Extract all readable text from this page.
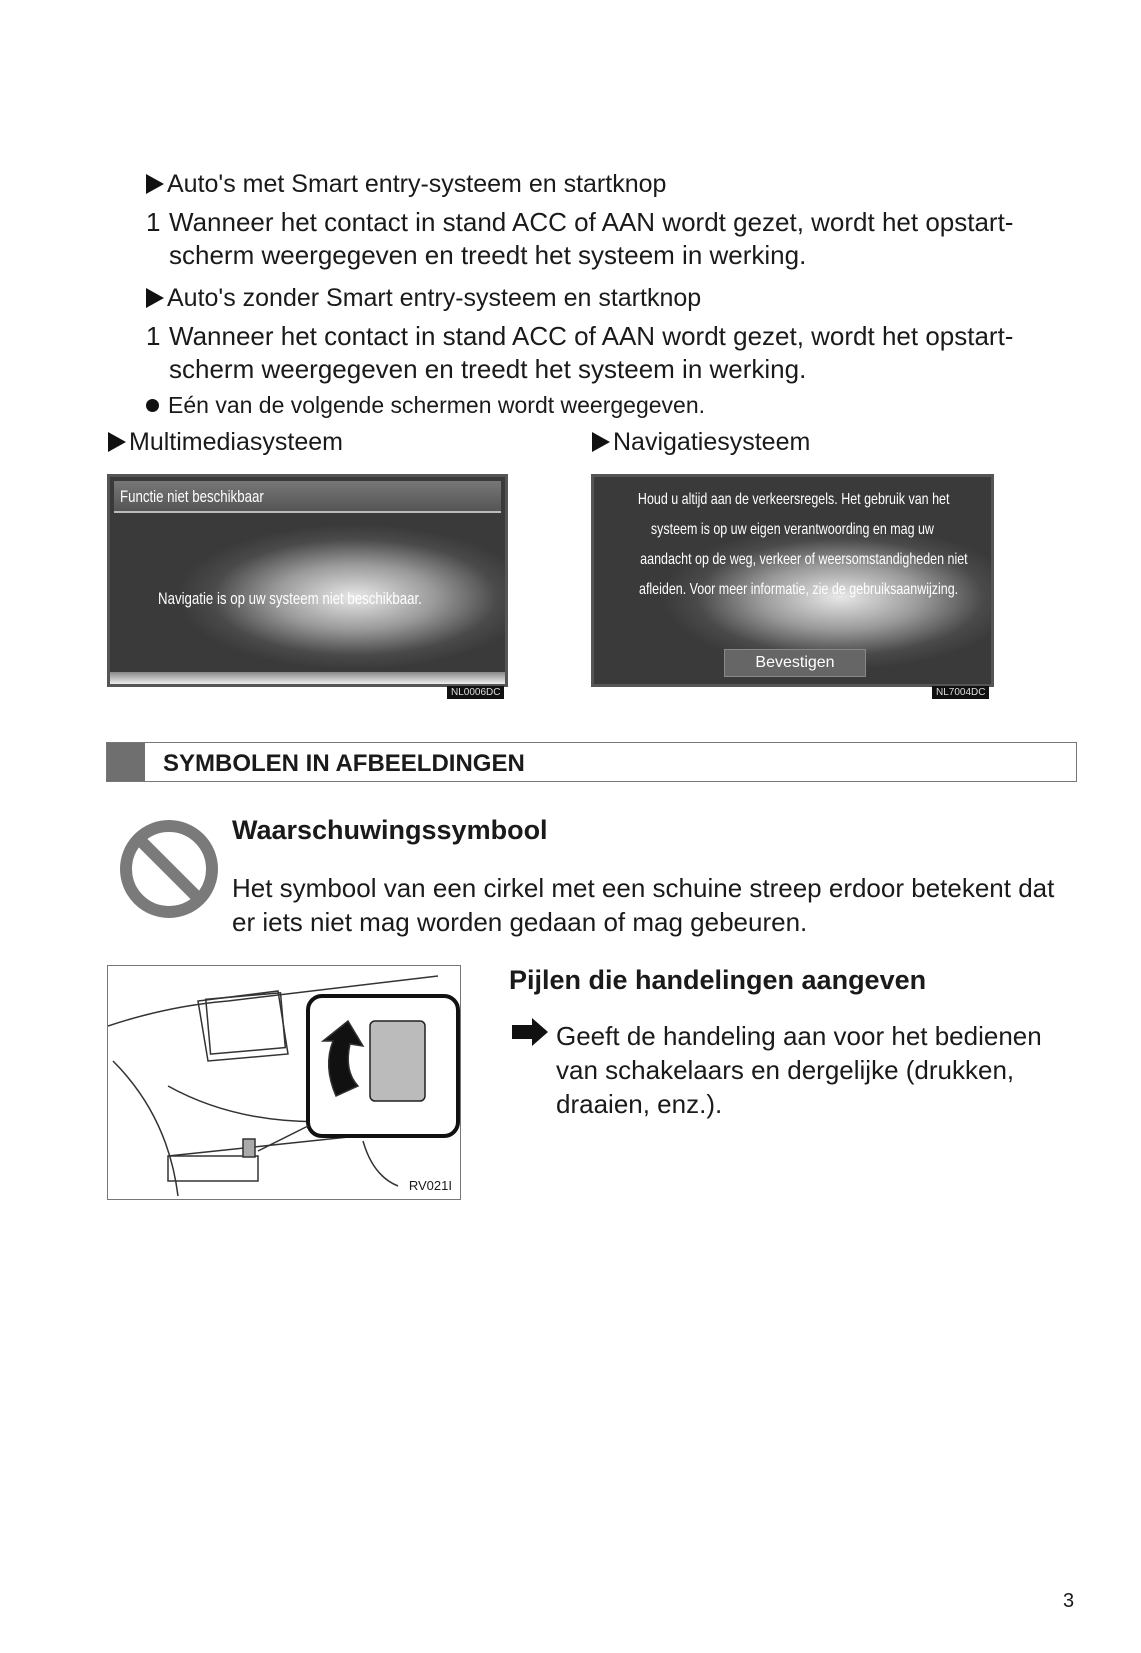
Auto's met Smart entry-systeem en startknop
1 Wanneer het contact in stand ACC of AAN wordt gezet, wordt het opstart-
scherm weergegeven en treedt het systeem in werking.
Auto's zonder Smart entry-systeem en startknop
1 Wanneer het contact in stand ACC of AAN wordt gezet, wordt het opstart-
scherm weergegeven en treedt het systeem in werking.
Eén van de volgende schermen wordt weergegeven.
Multimediasysteem	Navigatiesysteem
Functie niet beschikbaar
Navigatie is op uw systeem niet beschikbaar.
NL0006DC
Houd u altijd aan de verkeersregels. Het gebruik van het
systeem is op uw eigen verantwoording en mag uw
aandacht op de weg, verkeer of weersomstandigheden niet
afleiden. Voor meer informatie, zie de gebruiksaanwijzing.
Bevestigen
NL7004DC
SYMBOLEN IN AFBEELDINGEN
Waarschuwingssymbool
Het symbool van een cirkel met een schuine streep erdoor betekent dat
er iets niet mag worden gedaan of mag gebeuren.
RV021I
Pijlen die handelingen aangeven
Geeft de handeling aan voor het bedienen
van schakelaars en dergelijke (drukken,
draaien, enz.).
3
